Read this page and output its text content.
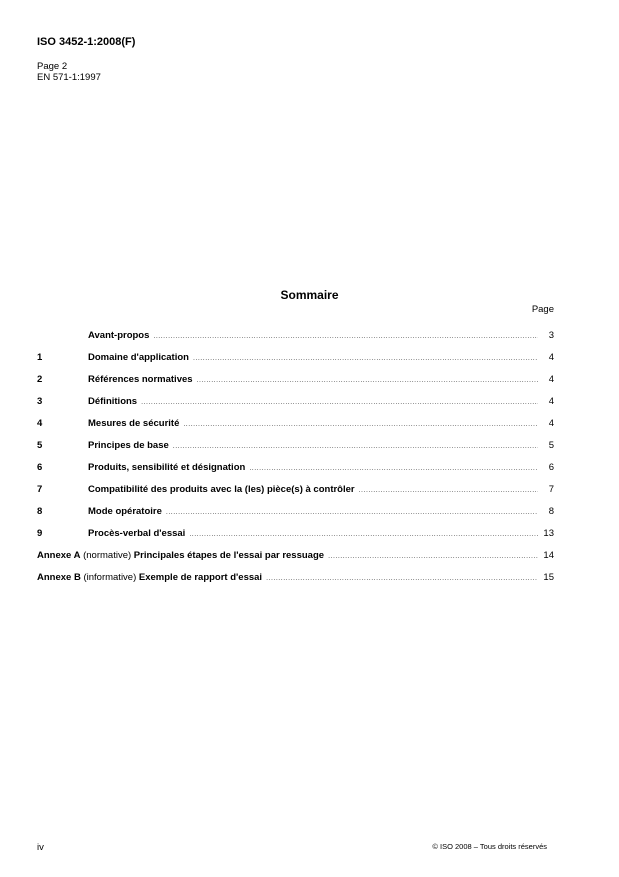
ISO 3452-1:2008(F)
Page 2
EN 571-1:1997
Sommaire
Page
Avant-propos .....	3
1	Domaine d'application .....	4
2	Références normatives .....	4
3	Définitions .....	4
4	Mesures de sécurité .....	4
5	Principes de base .....	5
6	Produits, sensibilité et désignation .....	6
7	Compatibilité des produits avec la (les) pièce(s) à contrôler .....	7
8	Mode opératoire .....	8
9	Procès-verbal d'essai .....	13
Annexe A (normative) Principales étapes de l'essai par ressuage .....	14
Annexe B (informative) Exemple de rapport d'essai .....	15
iv	© ISO 2008 – Tous droits réservés
